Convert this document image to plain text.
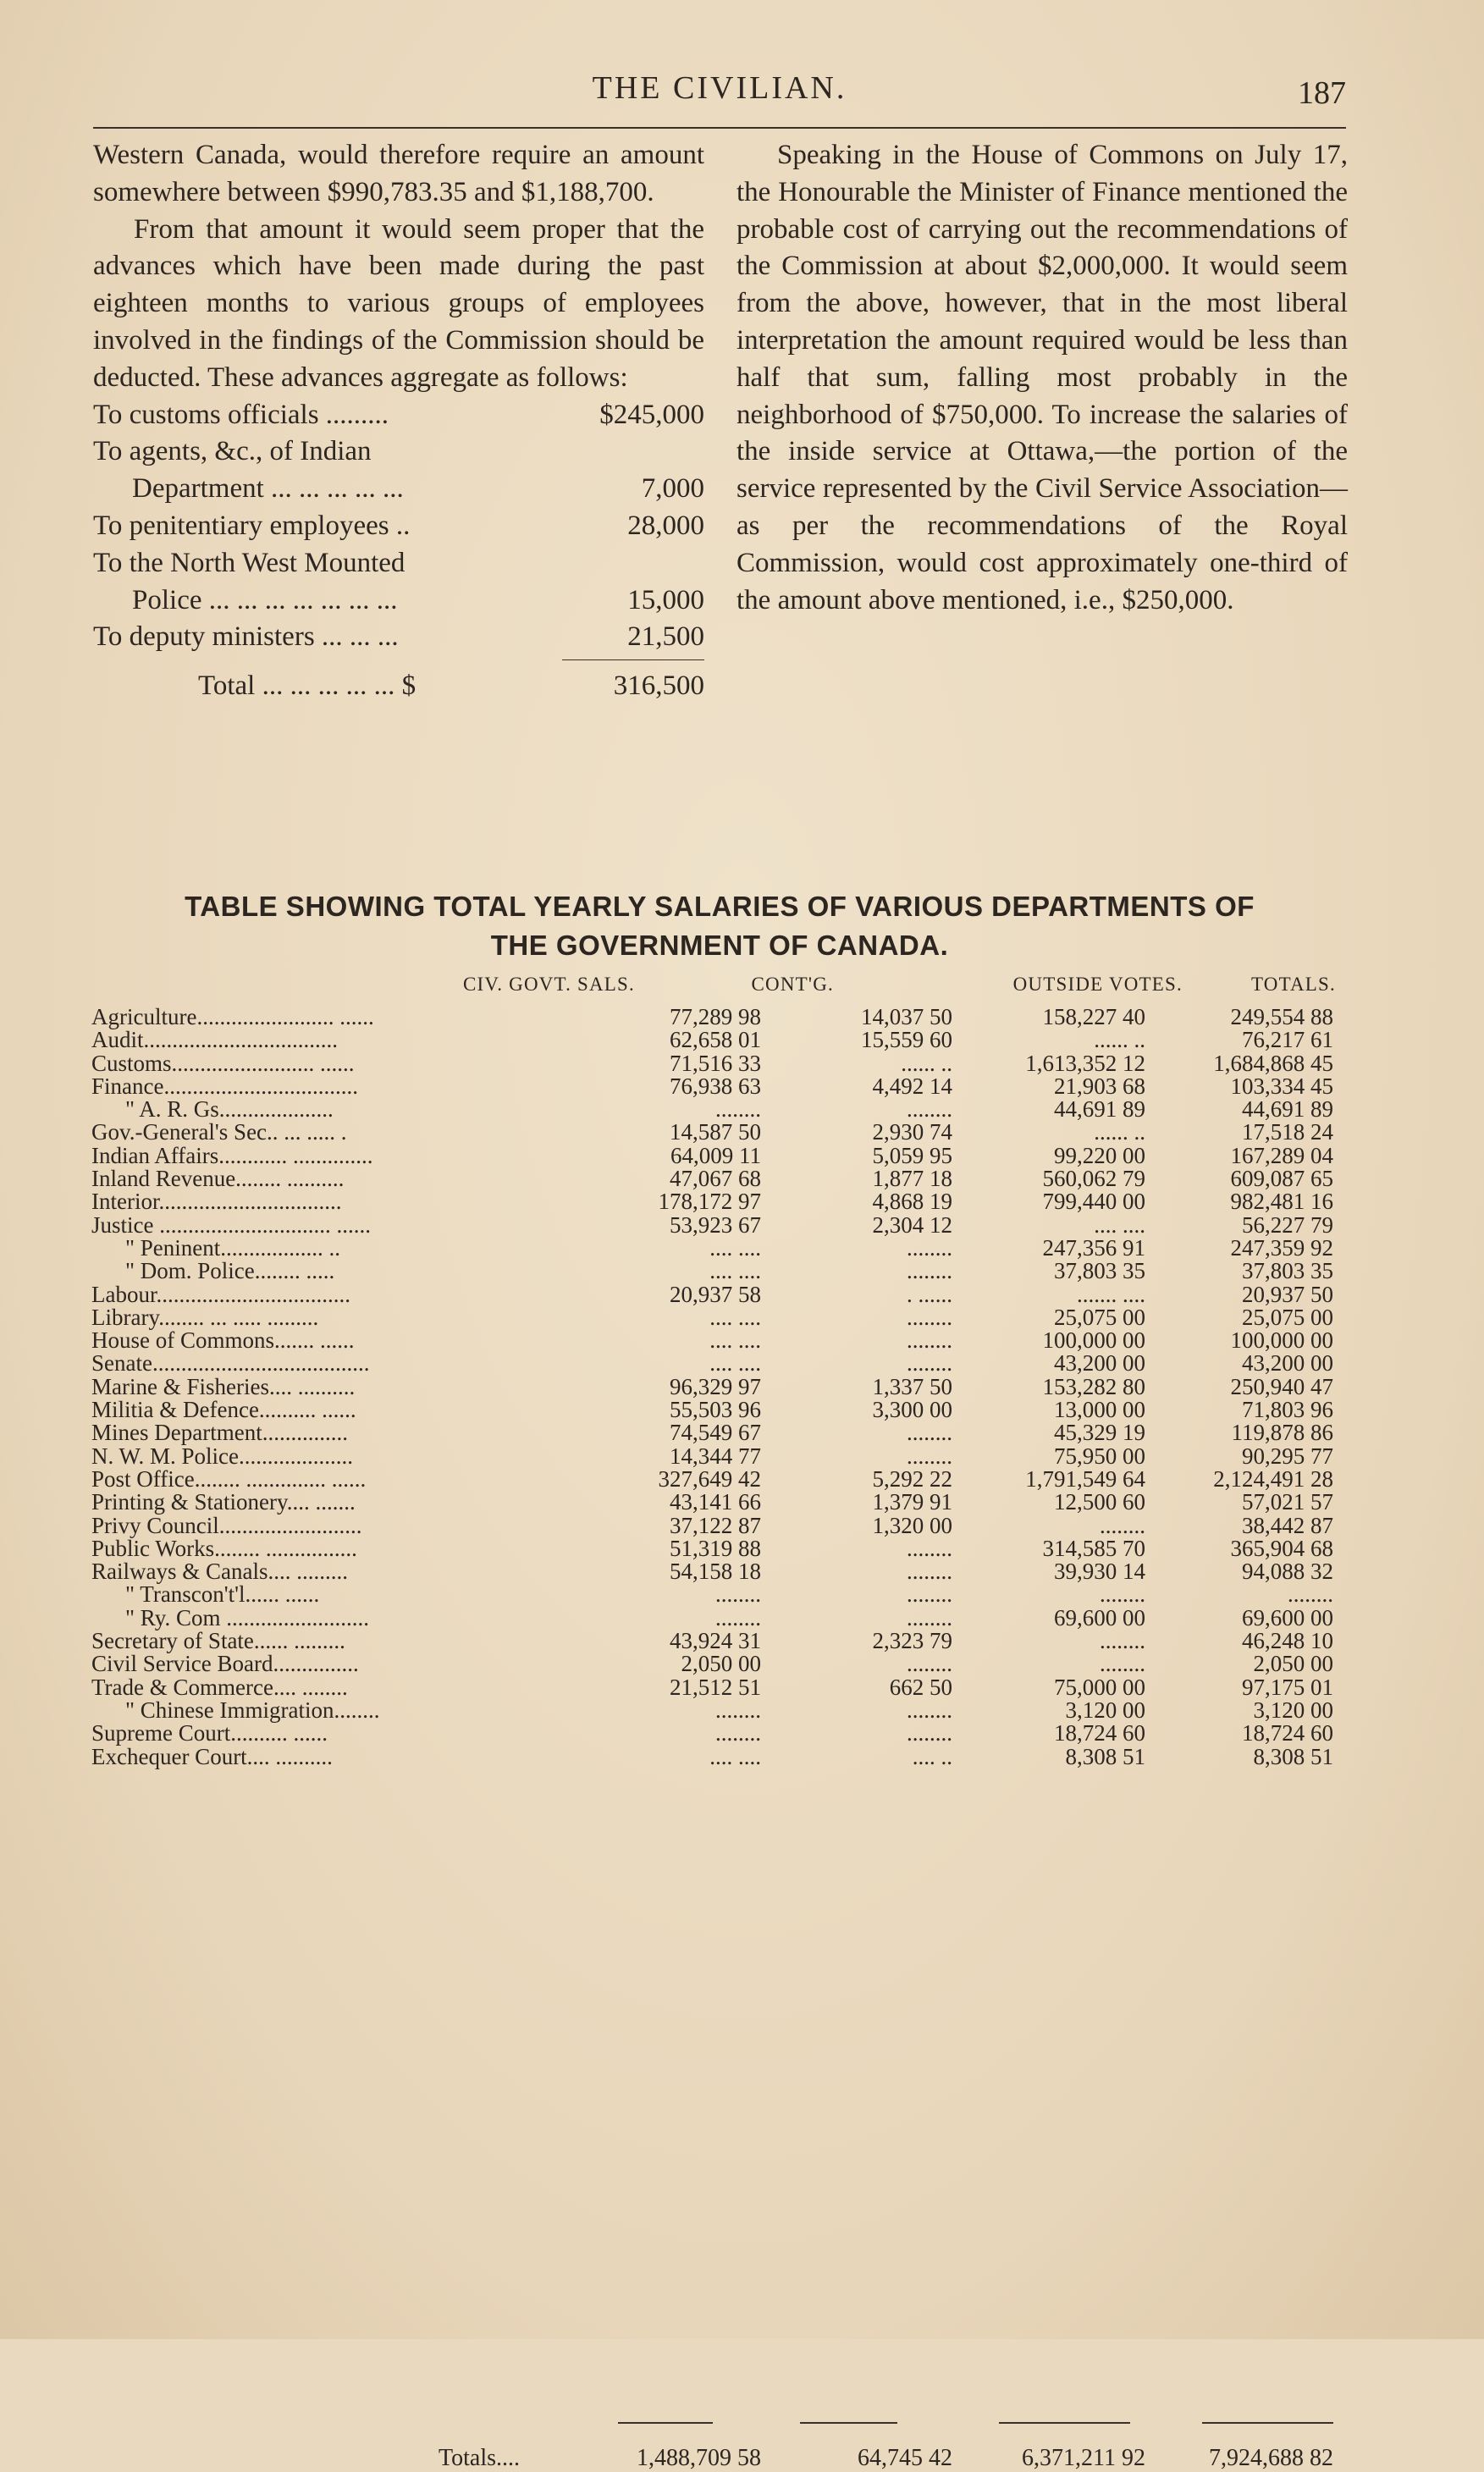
THE CIVILIAN.	187

Western Canada, would therefore require an amount somewhere between $990,783.35 and $1,188,700.

From that amount it would seem proper that the advances which have been made during the past eighteen months to various groups of employees involved in the findings of the Commission should be deducted. These advances aggregate as follows:

To customs officials .........	$245,000
To agents, &c., of Indian
Department ... ... ... ... ...	7,000
To penitentiary employees ..	28,000
To the North West Mounted
Police ... ... ... ... ... ... ...	15,000
To deputy ministers ... ... ...	21,500
Total ... ... ... ... ... $	316,500

Speaking in the House of Commons on July 17, the Honourable the Minister of Finance mentioned the probable cost of carrying out the recommendations of the Commission at about $2,000,000. It would seem from the above, however, that in the most liberal interpretation the amount required would be less than half that sum, falling most probably in the neighborhood of $750,000. To increase the salaries of the inside service at Ottawa,—the portion of the service represented by the Civil Service Association—as per the recommendations of the Royal Commission, would cost approximately one-third of the amount above mentioned, i.e., $250,000.

TABLE SHOWING TOTAL YEARLY SALARIES OF VARIOUS DEPARTMENTS OF
THE GOVERNMENT OF CANADA.
CIV. GOVT. SALS.	CONT'G.	OUTSIDE VOTES.	TOTALS.
Agriculture........................ ......	77,289 98	14,037 50	158,227 40	249,554 88
Audit..................................	62,658 01	15,559 60	...... ..	76,217 61
Customs......................... ......	71,516 33	...... ..	1,613,352 12	1,684,868 45
Finance..................................	76,938 63	4,492 14	21,903 68	103,334 45
" A. R. Gs....................	........	........	44,691 89	44,691 89
Gov.-General's Sec.. ... ..... .	14,587 50	2,930 74	...... ..	17,518 24
Indian Affairs............ ..............	64,009 11	5,059 95	99,220 00	167,289 04
Inland Revenue........ ..........	47,067 68	1,877 18	560,062 79	609,087 65
Interior................................	178,172 97	4,868 19	799,440 00	982,481 16
Justice .............................. ......	53,923 67	2,304 12	.... ....	56,227 79
" Peninent.................. ..	.... ....	........	247,356 91	247,359 92
" Dom. Police........ .....	.... ....	........	37,803 35	37,803 35
Labour..................................	20,937 58	. ......	....... ....	20,937 50
Library........ ... ..... .........	.... ....	........	25,075 00	25,075 00
House of Commons....... ......	.... ....	........	100,000 00	100,000 00
Senate......................................	.... ....	........	43,200 00	43,200 00
Marine & Fisheries.... ..........	96,329 97	1,337 50	153,282 80	250,940 47
Militia & Defence.......... ......	55,503 96	3,300 00	13,000 00	71,803 96
Mines Department...............	74,549 67	........	45,329 19	119,878 86
N. W. M. Police....................	14,344 77	........	75,950 00	90,295 77
Post Office........ .............. ......	327,649 42	5,292 22	1,791,549 64	2,124,491 28
Printing & Stationery.... .......	43,141 66	1,379 91	12,500 60	57,021 57
Privy Council.........................	37,122 87	1,320 00	........	38,442 87
Public Works........ ................	51,319 88	........	314,585 70	365,904 68
Railways & Canals.... .........	54,158 18	........	39,930 14	94,088 32
" Transcon't'l...... ......	........	........	........	........
" Ry. Com .........................	........	........	69,600 00	69,600 00
Secretary of State...... .........	43,924 31	2,323 79	........	46,248 10
Civil Service Board...............	2,050 00	........	........	2,050 00
Trade & Commerce.... ........	21,512 51	662 50	75,000 00	97,175 01
" Chinese Immigration........	........	........	3,120 00	3,120 00
Supreme Court.......... ......	........	........	18,724 60	18,724 60
Exchequer Court.... ..........	.... ....	.... ..	8,308 51	8,308 51
Totals....	1,488,709 58	64,745 42	6,371,211 92	7,924,688 82
